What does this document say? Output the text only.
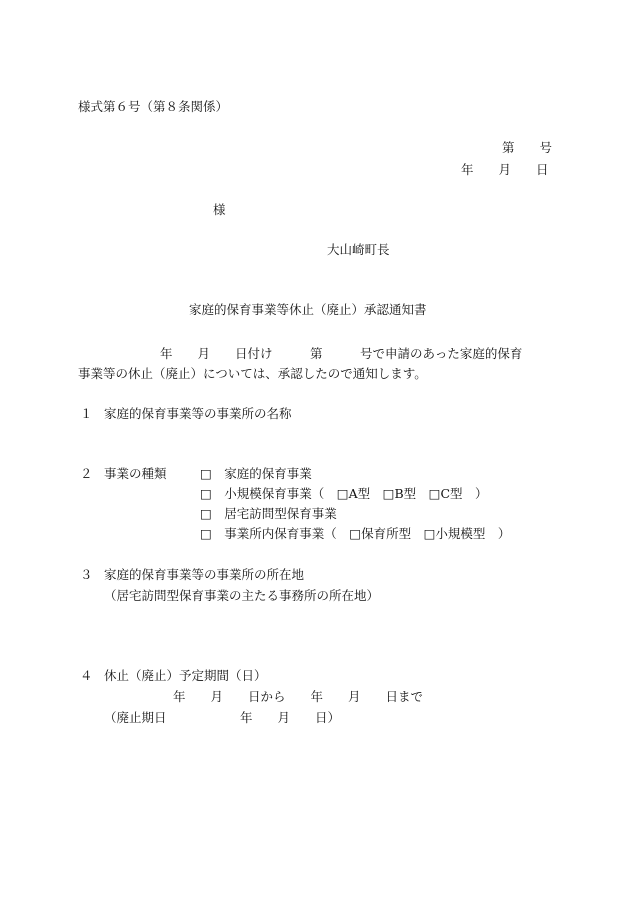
様式第６号（第８条関係）
第　　号
年　　月　　日
様
大山崎町長
家庭的保育事業等休止（廃止）承認通知書
年　　月　　日付け　　　第　　　号で申請のあった家庭的保育
事業等の休止（廃止）については、承認したので通知します。
１ 家庭的保育事業等の事業所の名称
２ 事業の種類	□　家庭的保育事業
□　小規模保育事業（　□A型　□B型　□C型　）
□　居宅訪問型保育事業
□　事業所内保育事業（　□保育所型　□小規模型　）
３ 家庭的保育事業等の事業所の所在地
（居宅訪問型保育事業の主たる事務所の所在地）
４ 休止（廃止）予定期間（日）
年　　月　　日から　　年　　月　　日まで
（廃止期日	年　　月　　日）
